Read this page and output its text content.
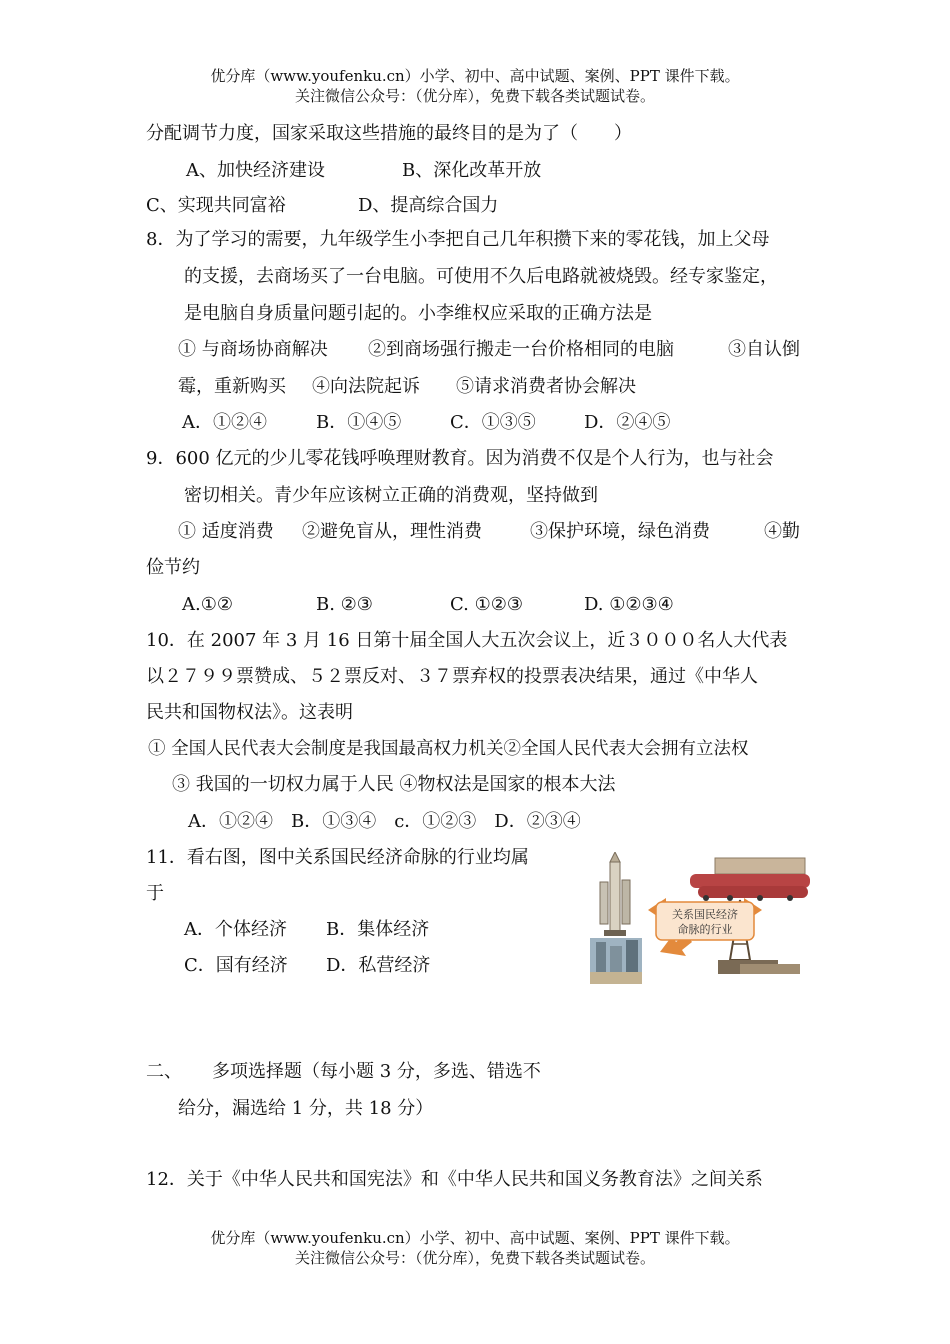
优分库（www.youfenku.cn）小学、初中、高中试题、案例、PPT 课件下载。
关注微信公众号：（优分库），免费下载各类试题试卷。
分配调节力度，国家采取这些措施的最终目的是为了（　　）
A、加快经济建设	B、深化改革开放
C、实现共同富裕	D、提高综合国力
8．为了学习的需要，九年级学生小李把自己几年积攒下来的零花钱，加上父母
的支援，去商场买了一台电脑。可使用不久后电路就被烧毁。经专家鉴定，
是电脑自身质量问题引起的。小李维权应采取的正确方法是
① 与商场协商解决 ②到商场强行搬走一台价格相同的电脑	③自认倒
霉，重新购买 ④向法院起诉 ⑤请求消费者协会解决
A．①②④	B．①④⑤	C．①③⑤	D．②④⑤
9．600 亿元的少儿零花钱呼唤理财教育。因为消费不仅是个人行为，也与社会
密切相关。青少年应该树立正确的消费观，坚持做到
① 适度消费 ②避免盲从，理性消费	③保护环境，绿色消费	④勤
俭节约
A.①②	B. ②③	C. ①②③	D. ①②③④
10．在 2007 年 3 月 16 日第十届全国人大五次会议上，近３０００名人大代表
以２７９９票赞成、５２票反对、３７票弃权的投票表决结果，通过《中华人
民共和国物权法》。这表明
① 全国人民代表大会制度是我国最高权力机关②全国人民代表大会拥有立法权
③ 我国的一切权力属于人民 ④物权法是国家的根本大法
A．①②④　B．①③④　c．①②③　D．②③④
11．看右图，图中关系国民经济命脉的行业均属
于
A．个体经济 B．集体经济
C．国有经济 D．私营经济
关系国民经济
命脉的行业
二、 多项选择题（每小题 3 分，多选、错选不
给分，漏选给 1 分，共 18 分）
12．关于《中华人民共和国宪法》和《中华人民共和国义务教育法》之间关系
优分库（www.youfenku.cn）小学、初中、高中试题、案例、PPT 课件下载。
关注微信公众号：（优分库），免费下载各类试题试卷。
